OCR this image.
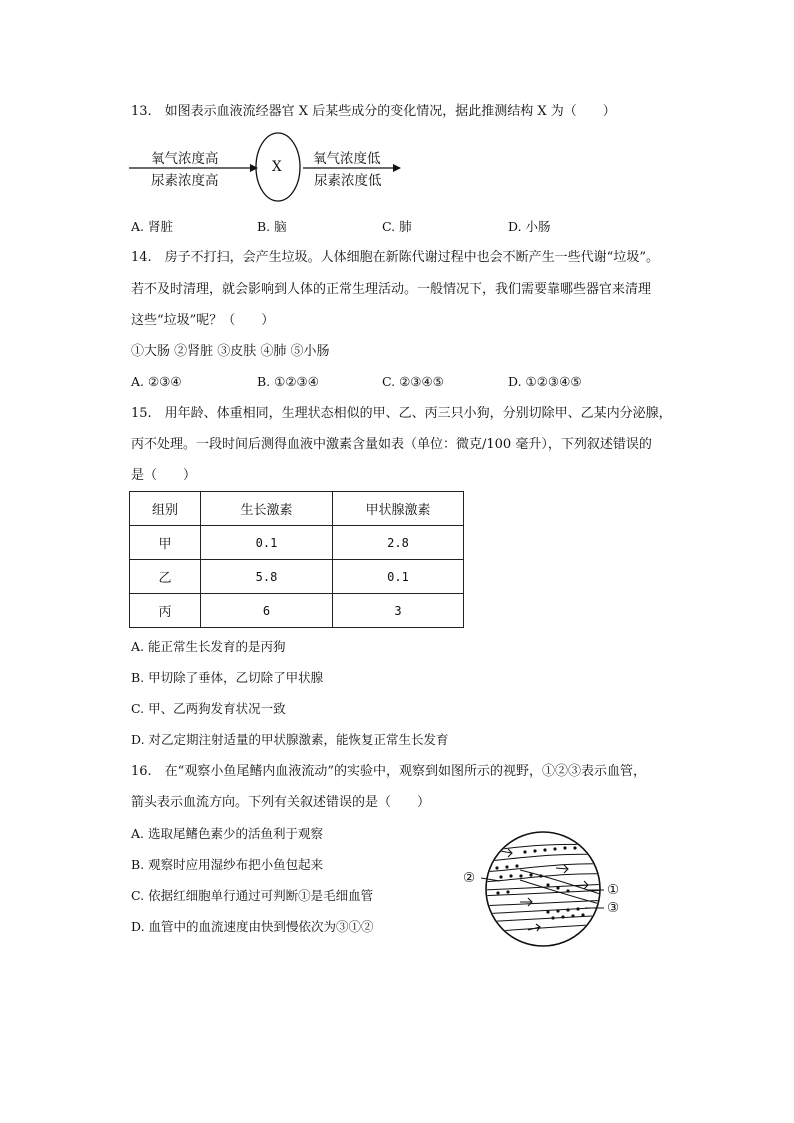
13.　如图表示血液流经器官 X 后某些成分的变化情况，据此推测结构 X 为（　　）
氧气浓度高
尿素浓度高
X 氧气浓度低
尿素浓度低
A. 肾脏	B. 脑	C. 肺	D. 小肠
14.　房子不打扫，会产生垃圾。人体细胞在新陈代谢过程中也会不断产生一些代谢“垃圾”。
若不及时清理，就会影响到人体的正常生理活动。一般情况下，我们需要靠哪些器官来清理
这些“垃圾”呢？（　　）
①大肠 ②肾脏 ③皮肤 ④肺 ⑤小肠
A. ②③④	B. ①②③④	C. ②③④⑤	D. ①②③④⑤
15.　用年龄、体重相同，生理状态相似的甲、乙、丙三只小狗，分别切除甲、乙某内分泌腺，
丙不处理。一段时间后测得血液中激素含量如表（单位：微克/100 毫升），下列叙述错误的
是（　　）
组别	生长激素	甲状腺激素
甲	0.1	2.8
乙	5.8	0.1
丙	6	3
A. 能正常生长发育的是丙狗
B. 甲切除了垂体，乙切除了甲状腺
C. 甲、乙两狗发育状况一致
D. 对乙定期注射适量的甲状腺激素，能恢复正常生长发育
16.　在“观察小鱼尾鳍内血液流动”的实验中，观察到如图所示的视野，①②③表示血管，
箭头表示血流方向。下列有关叙述错误的是（　　）
A. 选取尾鳍色素少的活鱼利于观察
B. 观察时应用湿纱布把小鱼包起来
C. 依据红细胞单行通过可判断①是毛细血管
D. 血管中的血流速度由快到慢依次为③①②
②
①
③
